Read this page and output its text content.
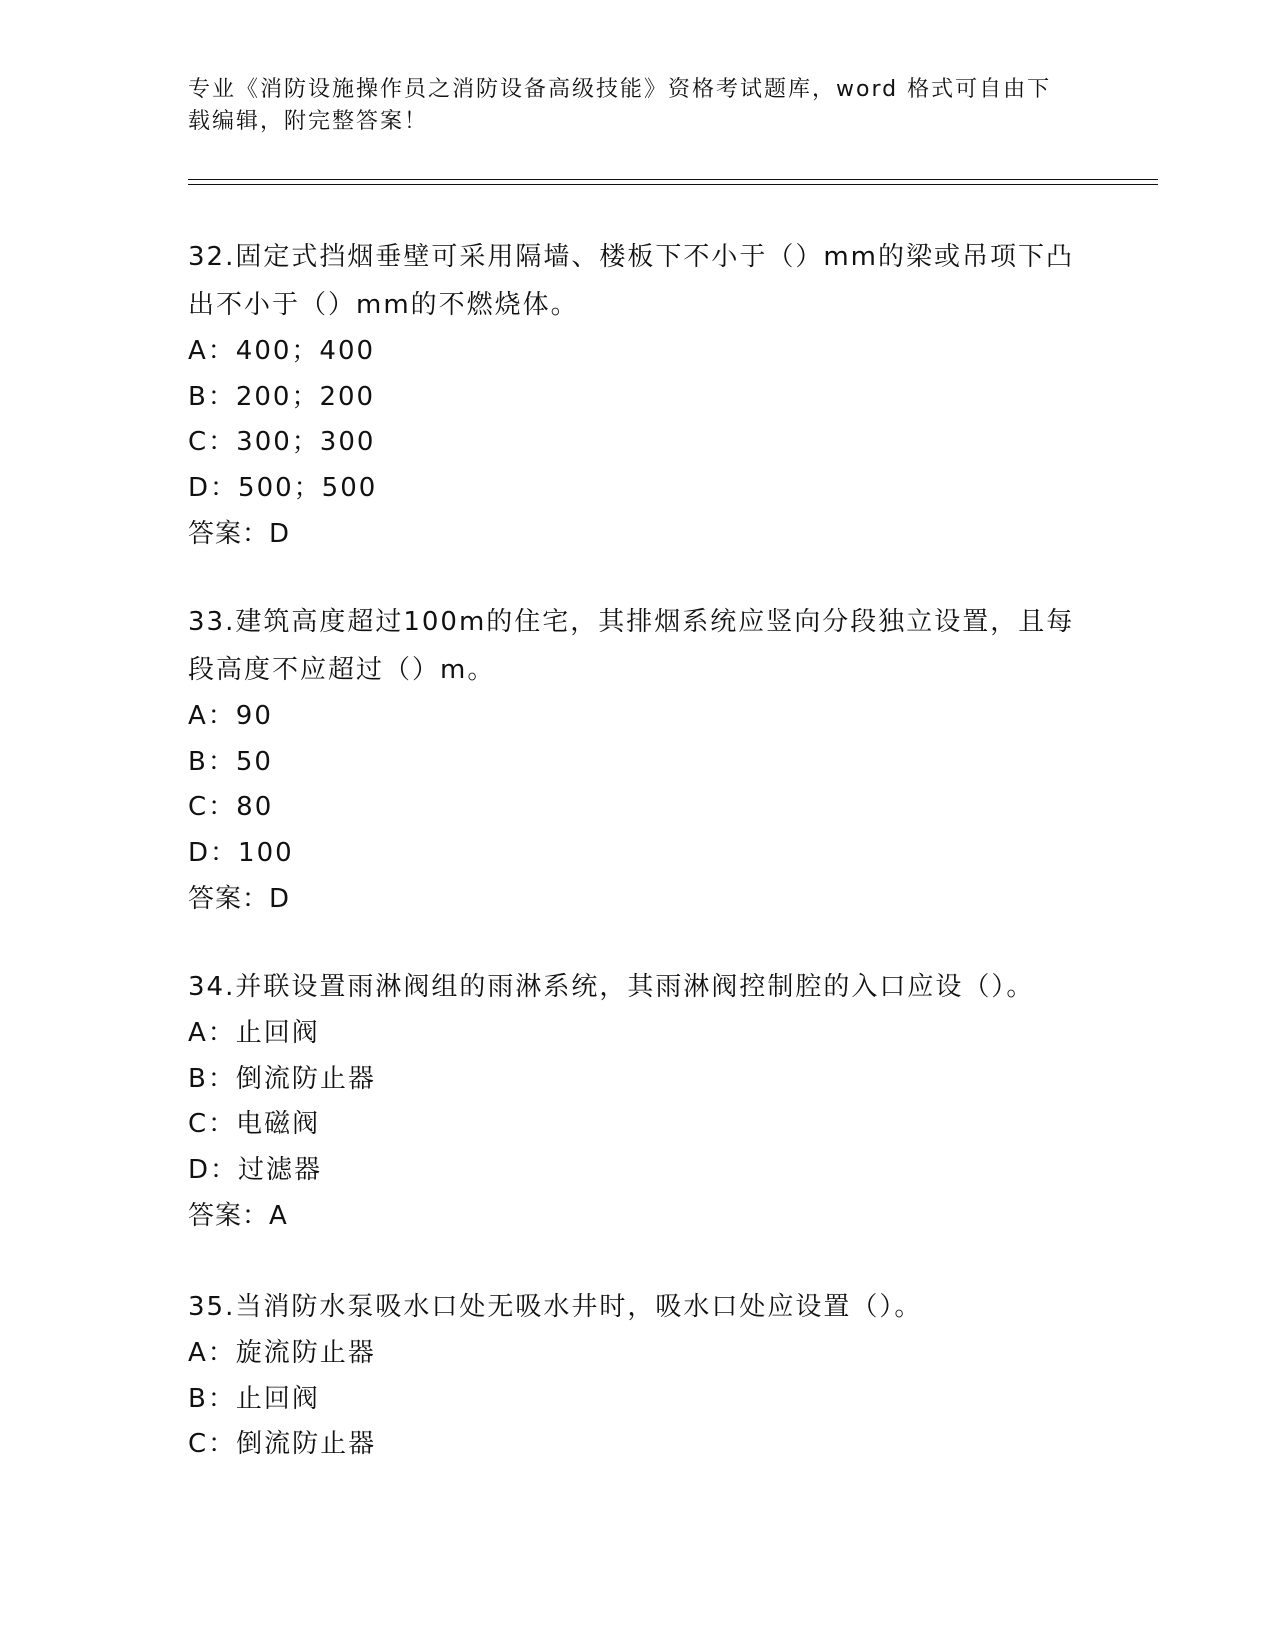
专业《消防设施操作员之消防设备高级技能》资格考试题库，word 格式可自由下载编辑，附完整答案！
32.固定式挡烟垂壁可采用隔墙、楼板下不小于（）mm的梁或吊项下凸出不小于（）mm的不燃烧体。
A：400；400
B：200；200
C：300；300
D：500；500
答案：D
33.建筑高度超过100m的住宅，其排烟系统应竖向分段独立设置，且每段高度不应超过（）m。
A：90
B：50
C：80
D：100
答案：D
34.并联设置雨淋阀组的雨淋系统，其雨淋阀控制腔的入口应设（）。
A：止回阀
B：倒流防止器
C：电磁阀
D：过滤器
答案：A
35.当消防水泵吸水口处无吸水井时，吸水口处应设置（）。
A：旋流防止器
B：止回阀
C：倒流防止器
